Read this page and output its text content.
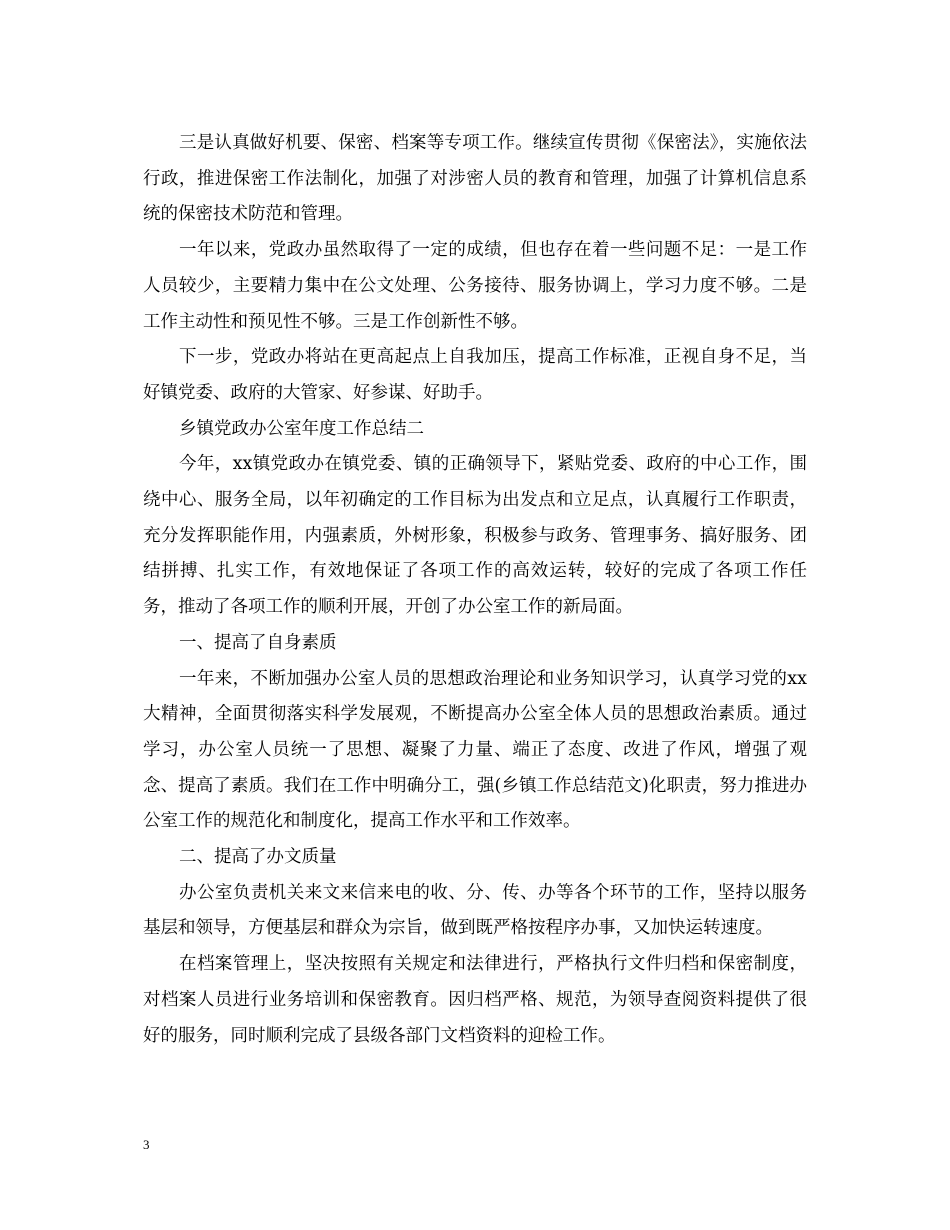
三是认真做好机要、保密、档案等专项工作。继续宣传贯彻《保密法》，实施依法行政，推进保密工作法制化，加强了对涉密人员的教育和管理，加强了计算机信息系统的保密技术防范和管理。

一年以来，党政办虽然取得了一定的成绩，但也存在着一些问题不足：一是工作人员较少，主要精力集中在公文处理、公务接待、服务协调上，学习力度不够。二是工作主动性和预见性不够。三是工作创新性不够。

下一步，党政办将站在更高起点上自我加压，提高工作标准，正视自身不足，当好镇党委、政府的大管家、好参谋、好助手。

乡镇党政办公室年度工作总结二

今年，xx镇党政办在镇党委、镇的正确领导下，紧贴党委、政府的中心工作，围绕中心、服务全局，以年初确定的工作目标为出发点和立足点，认真履行工作职责，充分发挥职能作用，内强素质，外树形象，积极参与政务、管理事务、搞好服务、团结拼搏、扎实工作，有效地保证了各项工作的高效运转，较好的完成了各项工作任务，推动了各项工作的顺利开展，开创了办公室工作的新局面。

一、提高了自身素质

一年来，不断加强办公室人员的思想政治理论和业务知识学习，认真学习党的xx大精神，全面贯彻落实科学发展观，不断提高办公室全体人员的思想政治素质。通过学习，办公室人员统一了思想、凝聚了力量、端正了态度、改进了作风，增强了观念、提高了素质。我们在工作中明确分工，强(乡镇工作总结范文)化职责，努力推进办公室工作的规范化和制度化，提高工作水平和工作效率。

二、提高了办文质量

办公室负责机关来文来信来电的收、分、传、办等各个环节的工作，坚持以服务基层和领导，方便基层和群众为宗旨，做到既严格按程序办事，又加快运转速度。

在档案管理上，坚决按照有关规定和法律进行，严格执行文件归档和保密制度，对档案人员进行业务培训和保密教育。因归档严格、规范，为领导查阅资料提供了很好的服务，同时顺利完成了县级各部门文档资料的迎检工作。

3
